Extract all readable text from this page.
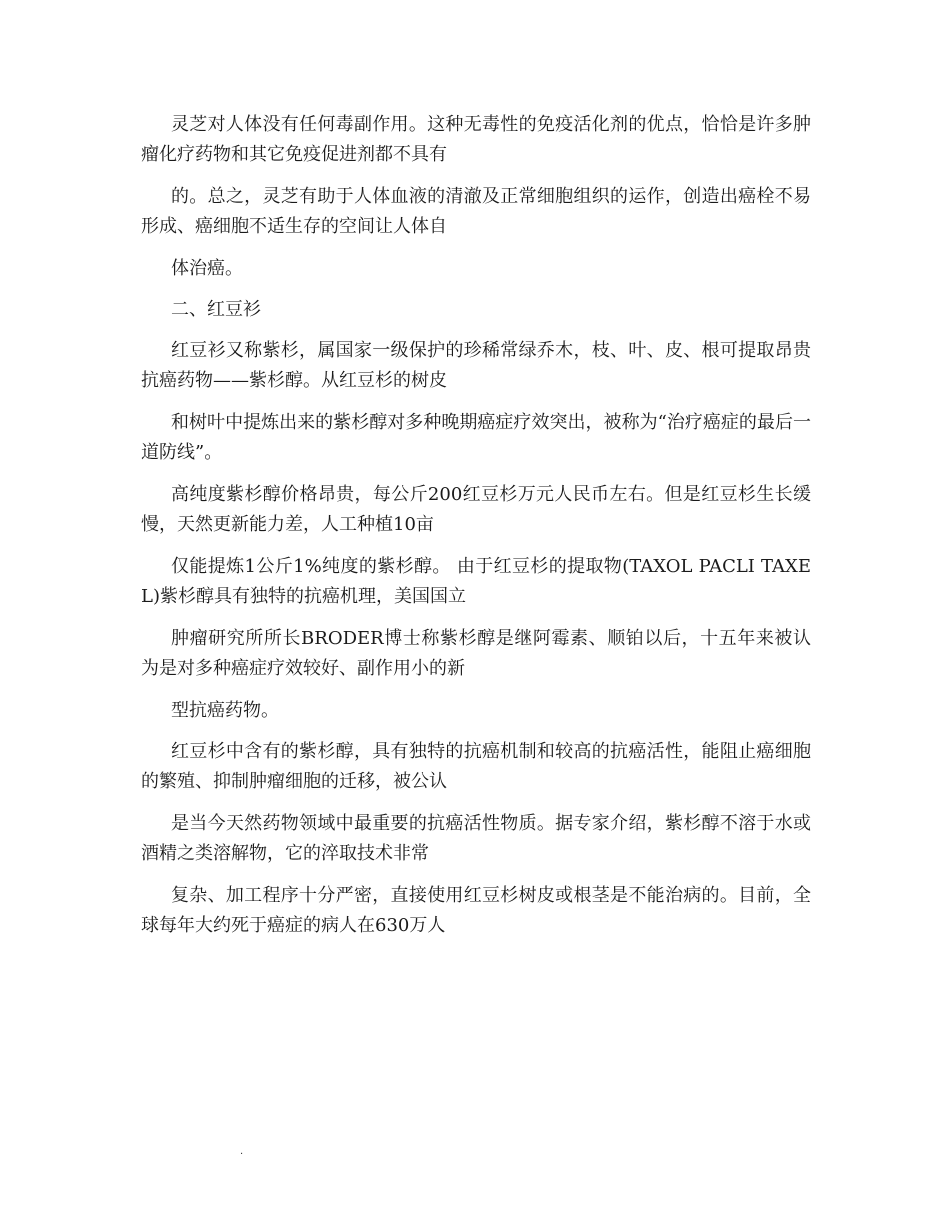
灵芝对人体没有任何毒副作用。这种无毒性的免疫活化剂的优点，恰恰是许多肿瘤化疗药物和其它免疫促进剂都不具有

的。总之，灵芝有助于人体血液的清澈及正常细胞组织的运作，创造出癌栓不易形成、癌细胞不适生存的空间让人体自

体治癌。

二、红豆衫

红豆衫又称紫杉，属国家一级保护的珍稀常绿乔木，枝、叶、皮、根可提取昂贵抗癌药物——紫杉醇。从红豆杉的树皮

和树叶中提炼出来的紫杉醇对多种晚期癌症疗效突出，被称为“治疗癌症的最后一道防线”。

高纯度紫杉醇价格昂贵，每公斤200红豆杉万元人民币左右。但是红豆杉生长缓慢，天然更新能力差，人工种植10亩

仅能提炼1公斤1%纯度的紫杉醇。 由于红豆杉的提取物(TAXOL PACLI TAXEL)紫杉醇具有独特的抗癌机理，美国国立

肿瘤研究所所长BRODER博士称紫杉醇是继阿霉素、顺铂以后，十五年来被认为是对多种癌症疗效较好、副作用小的新

型抗癌药物。

红豆杉中含有的紫杉醇，具有独特的抗癌机制和较高的抗癌活性，能阻止癌细胞的繁殖、抑制肿瘤细胞的迁移，被公认

是当今天然药物领域中最重要的抗癌活性物质。据专家介绍，紫杉醇不溶于水或酒精之类溶解物，它的淬取技术非常

复杂、加工程序十分严密，直接使用红豆杉树皮或根茎是不能治病的。目前，全球每年大约死于癌症的病人在630万人

.
